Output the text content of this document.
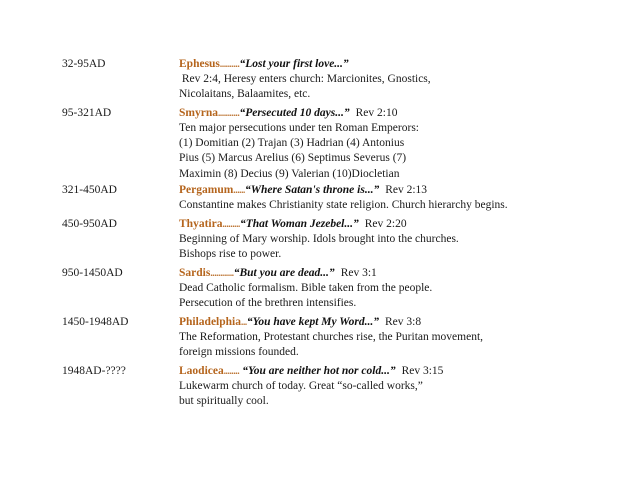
32-95AD	Ephesus..........“Lost your first love...”
Rev 2:4, Heresy enters church: Marcionites, Gnostics,
Nicolaitans, Balaamites, etc.
95-321AD	Smyrna...........“Persecuted 10 days...” Rev 2:10
Ten major persecutions under ten Roman Emperors:
(1) Domitian (2) Trajan (3) Hadrian (4) Antonius
Pius (5) Marcus Arelius (6) Septimus Severus (7)
Maximin (8) Decius (9) Valerian (10)Diocletian
321-450AD	Pergamum......“Where Satan's throne is...” Rev 2:13
Constantine makes Christianity state religion. Church hierarchy begins.
450-950AD	Thyatira.........“That Woman Jezebel...” Rev 2:20
Beginning of Mary worship. Idols brought into the churches.
Bishops rise to power.
950-1450AD	Sardis............“But you are dead...” Rev 3:1
Dead Catholic formalism. Bible taken from the people.
Persecution of the brethren intensifies.
1450-1948AD	Philadelphia...“You have kept My Word...” Rev 3:8
The Reformation, Protestant churches rise, the Puritan movement,
foreign missions founded.
1948AD-????	Laodicea........ “You are neither hot nor cold...” Rev 3:15
Lukewarm church of today. Great “so-called works,”
but spiritually cool.
